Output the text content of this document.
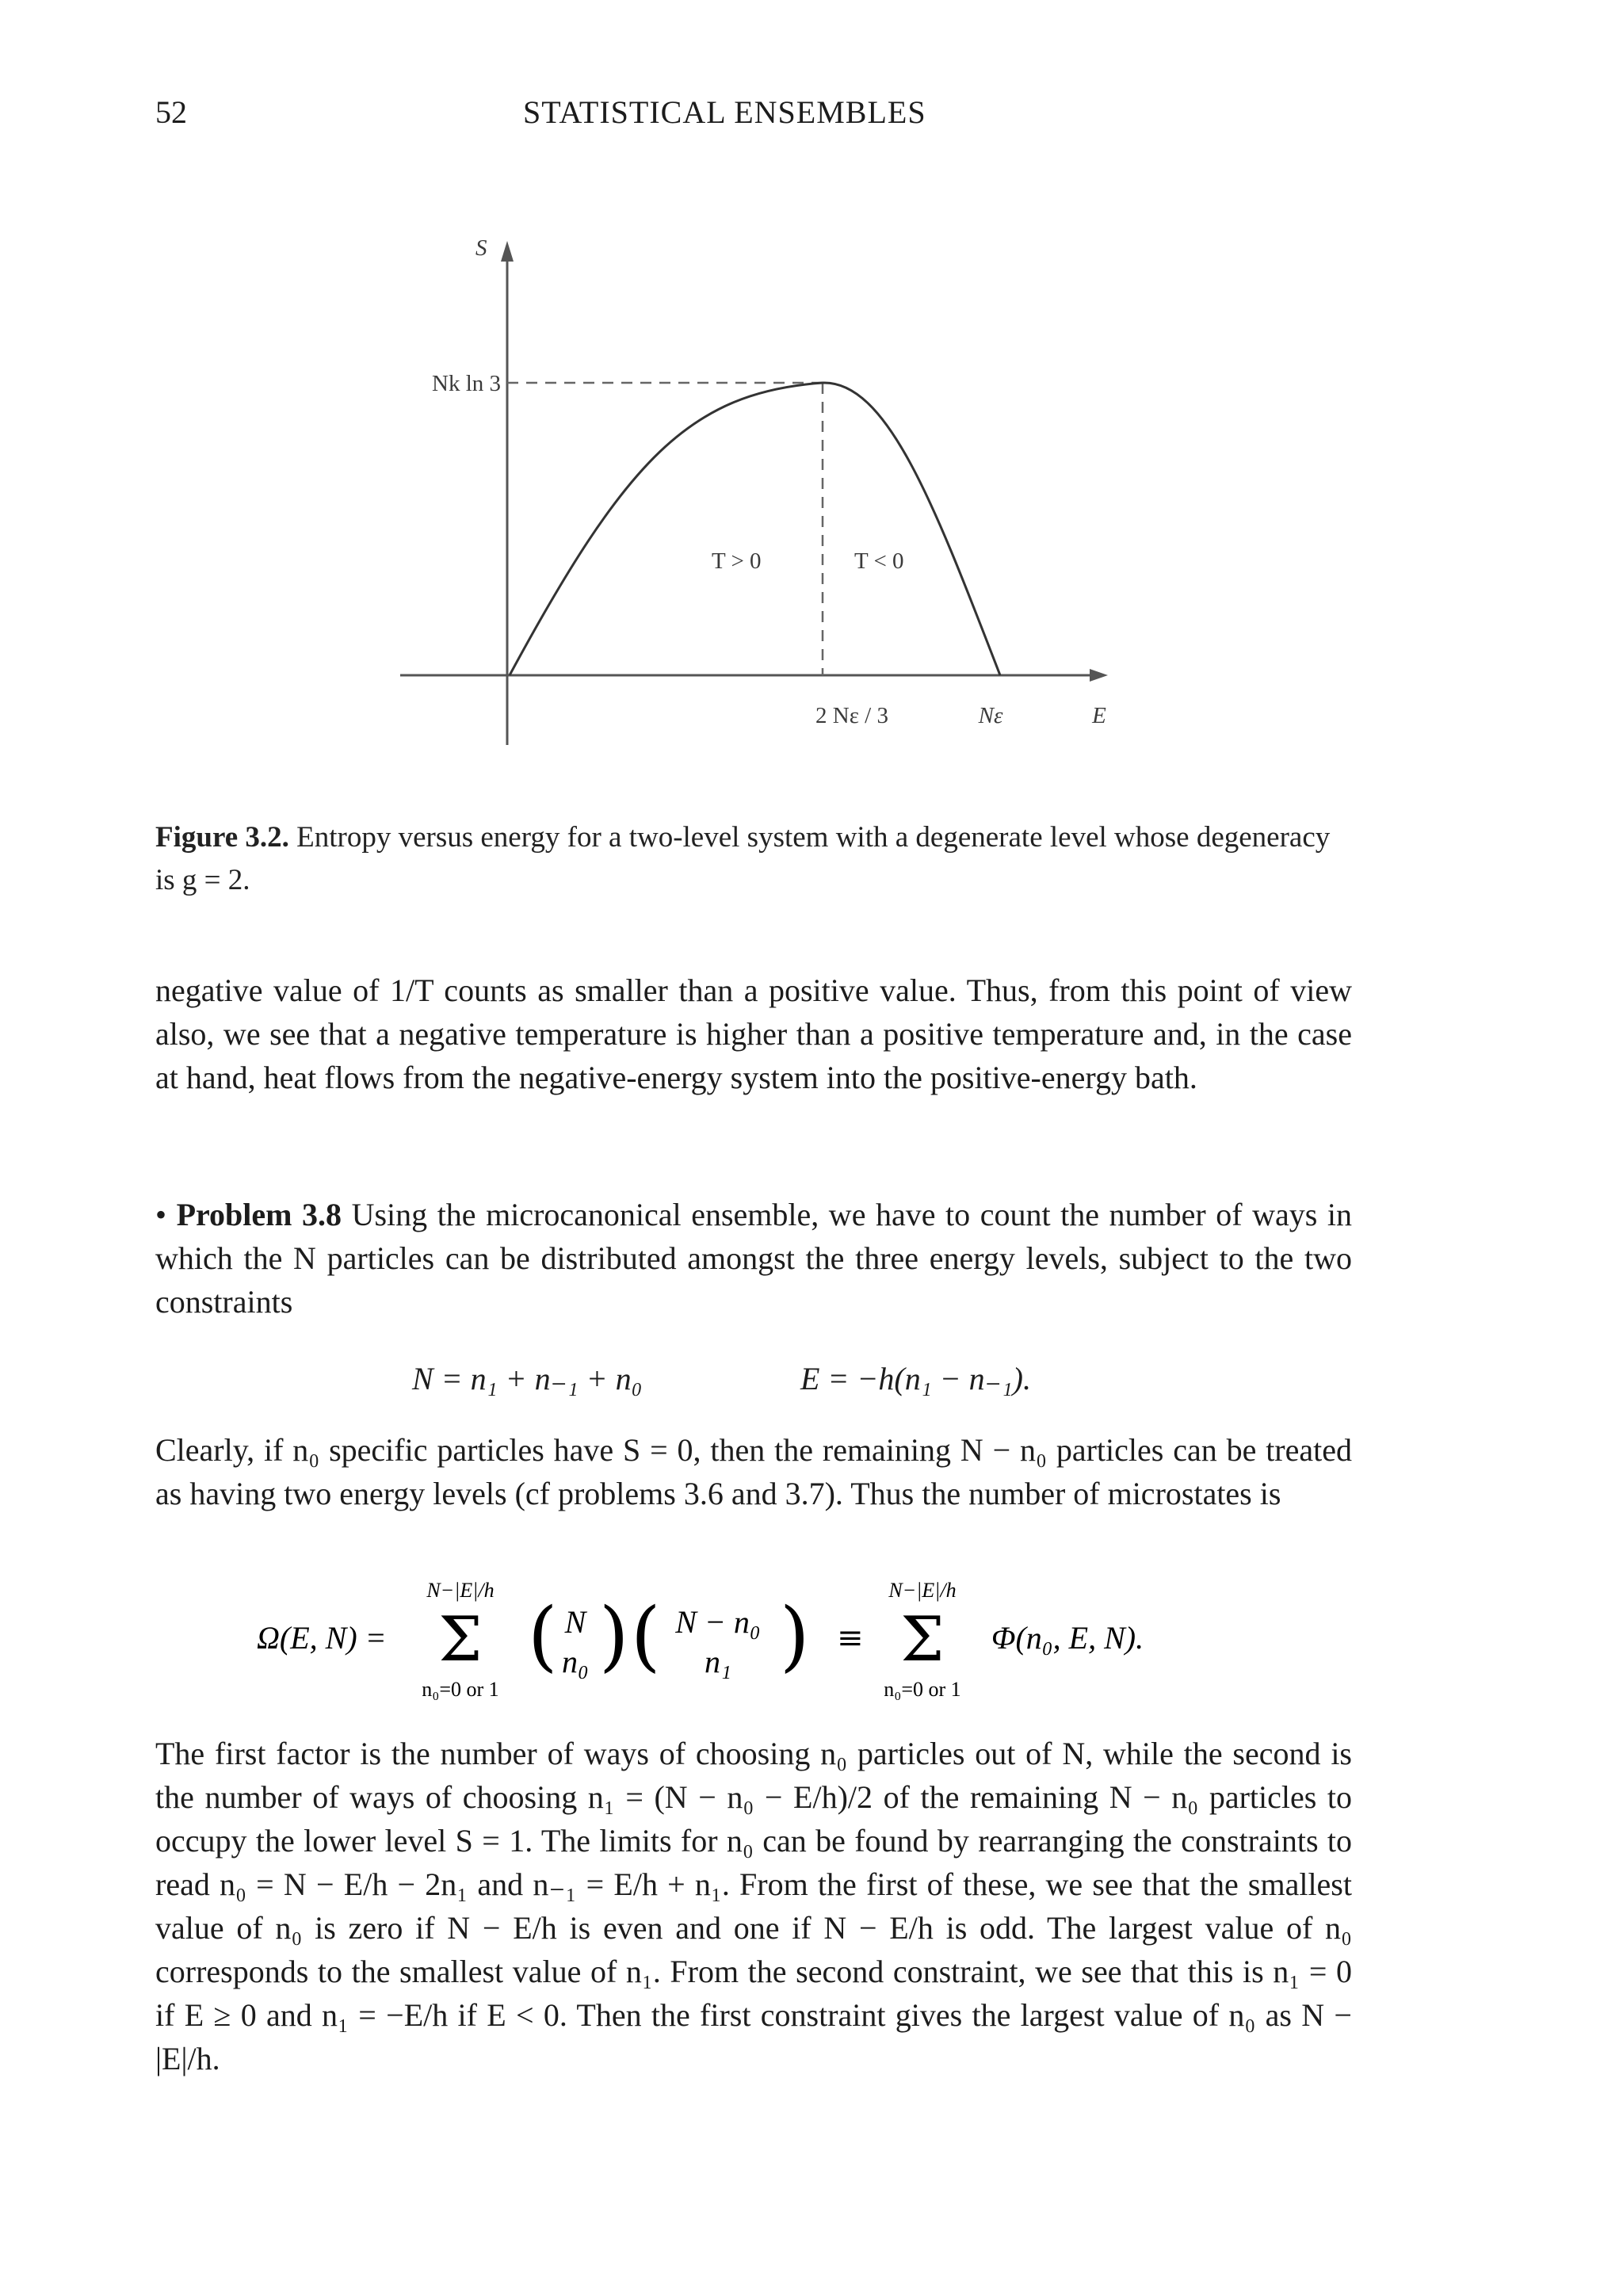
52	STATISTICAL ENSEMBLES
S
Nk ln 3
T > 0	T < 0
2 Nε / 3	Nε	E
Figure 3.2. Entropy versus energy for a two-level system with a degenerate level whose degeneracy is g = 2.
negative value of 1/T counts as smaller than a positive value. Thus, from this point of view also, we see that a negative temperature is higher than a positive temperature and, in the case at hand, heat flows from the negative-energy system into the positive-energy bath.
• Problem 3.8 Using the microcanonical ensemble, we have to count the number of ways in which the N particles can be distributed amongst the three energy levels, subject to the two constraints
N = n₁ + n₋₁ + n₀	E = −h(n₁ − n₋₁).
Clearly, if n₀ specific particles have S = 0, then the remaining N − n₀ particles can be treated as having two energy levels (cf problems 3.6 and 3.7). Thus the number of microstates is
Ω(E, N) =
N−|E|/h
Σ
n₀=0 or 1
( N
n₀ ) ( N − n₀
n₁ ) ≡
N−|E|/h
Σ
n₀=0 or 1
Φ(n₀, E, N).
The first factor is the number of ways of choosing n₀ particles out of N, while the second is the number of ways of choosing n₁ = (N − n₀ − E/h)/2 of the remaining N − n₀ particles to occupy the lower level S = 1. The limits for n₀ can be found by rearranging the constraints to read n₀ = N − E/h − 2n₁ and n₋₁ = E/h + n₁. From the first of these, we see that the smallest value of n₀ is zero if N − E/h is even and one if N − E/h is odd. The largest value of n₀ corresponds to the smallest value of n₁. From the second constraint, we see that this is n₁ = 0 if E ≥ 0 and n₁ = −E/h if E < 0. Then the first constraint gives the largest value of n₀ as N − |E|/h.
